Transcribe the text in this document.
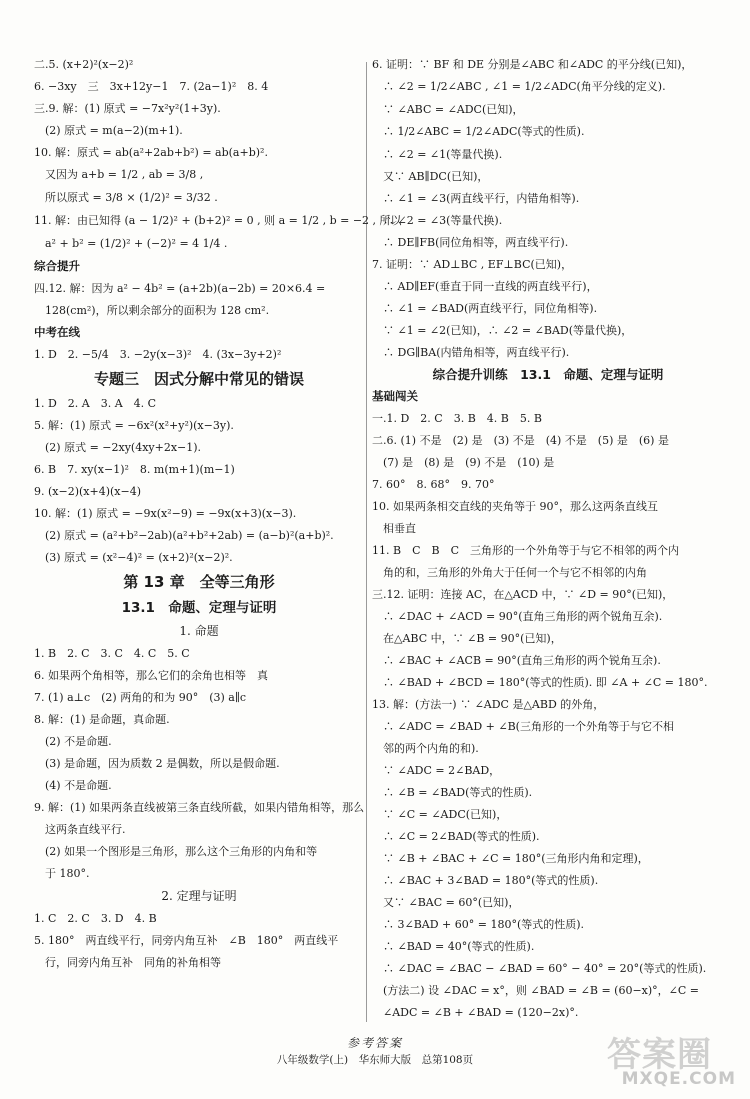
二.5. (x+2)²(x−2)²
6. −3xy　三　3x+12y−1　7. (2a−1)²　8. 4
三.9. 解：(1) 原式 = −7x²y²(1+3y).
　(2) 原式 = m(a−2)(m+1).
10. 解：原式 = ab(a²+2ab+b²) = ab(a+b)².
　又因为 a+b = 1/2 , ab = 3/8 ,
　所以原式 = 3/8 × (1/2)² = 3/32 .
11. 解：由已知得 (a − 1/2)² + (b+2)² = 0 , 则 a = 1/2 , b = −2 , 所以
　a² + b² = (1/2)² + (−2)² = 4 1/4 .
综合提升
四.12. 解：因为 a² − 4b² = (a+2b)(a−2b) = 20×6.4 =
　128(cm²)，所以剩余部分的面积为 128 cm².
中考在线
1. D　2. −5/4　3. −2y(x−3)²　4. (3x−3y+2)²
专题三　因式分解中常见的错误
1. D　2. A　3. A　4. C
5. 解：(1) 原式 = −6x²(x²+y²)(x−3y).
　(2) 原式 = −2xy(4xy+2x−1).
6. B　7. xy(x−1)²　8. m(m+1)(m−1)
9. (x−2)(x+4)(x−4)
10. 解：(1) 原式 = −9x(x²−9) = −9x(x+3)(x−3).
　(2) 原式 = (a²+b²−2ab)(a²+b²+2ab) = (a−b)²(a+b)².
　(3) 原式 = (x²−4)² = (x+2)²(x−2)².
第 13 章　全等三角形
13.1　命题、定理与证明
1. 命题
1. B　2. C　3. C　4. C　5. C
6. 如果两个角相等，那么它们的余角也相等　真
7. (1) a⊥c　(2) 两角的和为 90°　(3) a∥c
8. 解：(1) 是命题，真命题.
　(2) 不是命题.
　(3) 是命题，因为质数 2 是偶数，所以是假命题.
　(4) 不是命题.
9. 解：(1) 如果两条直线被第三条直线所截，如果内错角相等，那么
　这两条直线平行.
　(2) 如果一个图形是三角形，那么这个三角形的内角和等
　于 180°.
2. 定理与证明
1. C　2. C　3. D　4. B
5. 180°　两直线平行，同旁内角互补　∠B　180°　两直线平
　行，同旁内角互补　同角的补角相等
6. 证明：∵ BF 和 DE 分别是∠ABC 和∠ADC 的平分线(已知)，
　∴ ∠2 = 1/2∠ABC , ∠1 = 1/2∠ADC(角平分线的定义).
　∵ ∠ABC = ∠ADC(已知)，
　∴ 1/2∠ABC = 1/2∠ADC(等式的性质).
　∴ ∠2 = ∠1(等量代换).
　又∵ AB∥DC(已知)，
　∴ ∠1 = ∠3(两直线平行，内错角相等).
　∴ ∠2 = ∠3(等量代换).
　∴ DE∥FB(同位角相等，两直线平行).
7. 证明：∵ AD⊥BC , EF⊥BC(已知)，
　∴ AD∥EF(垂直于同一直线的两直线平行)，
　∴ ∠1 = ∠BAD(两直线平行，同位角相等).
　∵ ∠1 = ∠2(已知)，∴ ∠2 = ∠BAD(等量代换)，
　∴ DG∥BA(内错角相等，两直线平行).
综合提升训练　13.1　命题、定理与证明
基础闯关
一.1. D　2. C　3. B　4. B　5. B
二.6. (1) 不是　(2) 是　(3) 不是　(4) 不是　(5) 是　(6) 是
　(7) 是　(8) 是　(9) 不是　(10) 是
7. 60°　8. 68°　9. 70°
10. 如果两条相交直线的夹角等于 90°，那么这两条直线互
　相垂直
11. B　C　B　C　三角形的一个外角等于与它不相邻的两个内
　角的和，三角形的外角大于任何一个与它不相邻的内角
三.12. 证明：连接 AC，在△ACD 中，∵ ∠D = 90°(已知)，
　∴ ∠DAC + ∠ACD = 90°(直角三角形的两个锐角互余).
　在△ABC 中，∵ ∠B = 90°(已知)，
　∴ ∠BAC + ∠ACB = 90°(直角三角形的两个锐角互余).
　∴ ∠BAD + ∠BCD = 180°(等式的性质). 即 ∠A + ∠C = 180°.
13. 解：(方法一) ∵ ∠ADC 是△ABD 的外角，
　∴ ∠ADC = ∠BAD + ∠B(三角形的一个外角等于与它不相
　邻的两个内角的和).
　∵ ∠ADC = 2∠BAD，
　∴ ∠B = ∠BAD(等式的性质).
　∵ ∠C = ∠ADC(已知)，
　∴ ∠C = 2∠BAD(等式的性质).
　∵ ∠B + ∠BAC + ∠C = 180°(三角形内角和定理)，
　∴ ∠BAC + 3∠BAD = 180°(等式的性质).
　又∵ ∠BAC = 60°(已知)，
　∴ 3∠BAD + 60° = 180°(等式的性质).
　∴ ∠BAD = 40°(等式的性质).
　∴ ∠DAC = ∠BAC − ∠BAD = 60° − 40° = 20°(等式的性质).
　(方法二) 设 ∠DAC = x°，则 ∠BAD = ∠B = (60−x)°，∠C =
　∠ADC = ∠B + ∠BAD = (120−2x)°.
参考答案
八年级数学(上)　华东师大版　总第108页	答案圈
MXQE.COM
